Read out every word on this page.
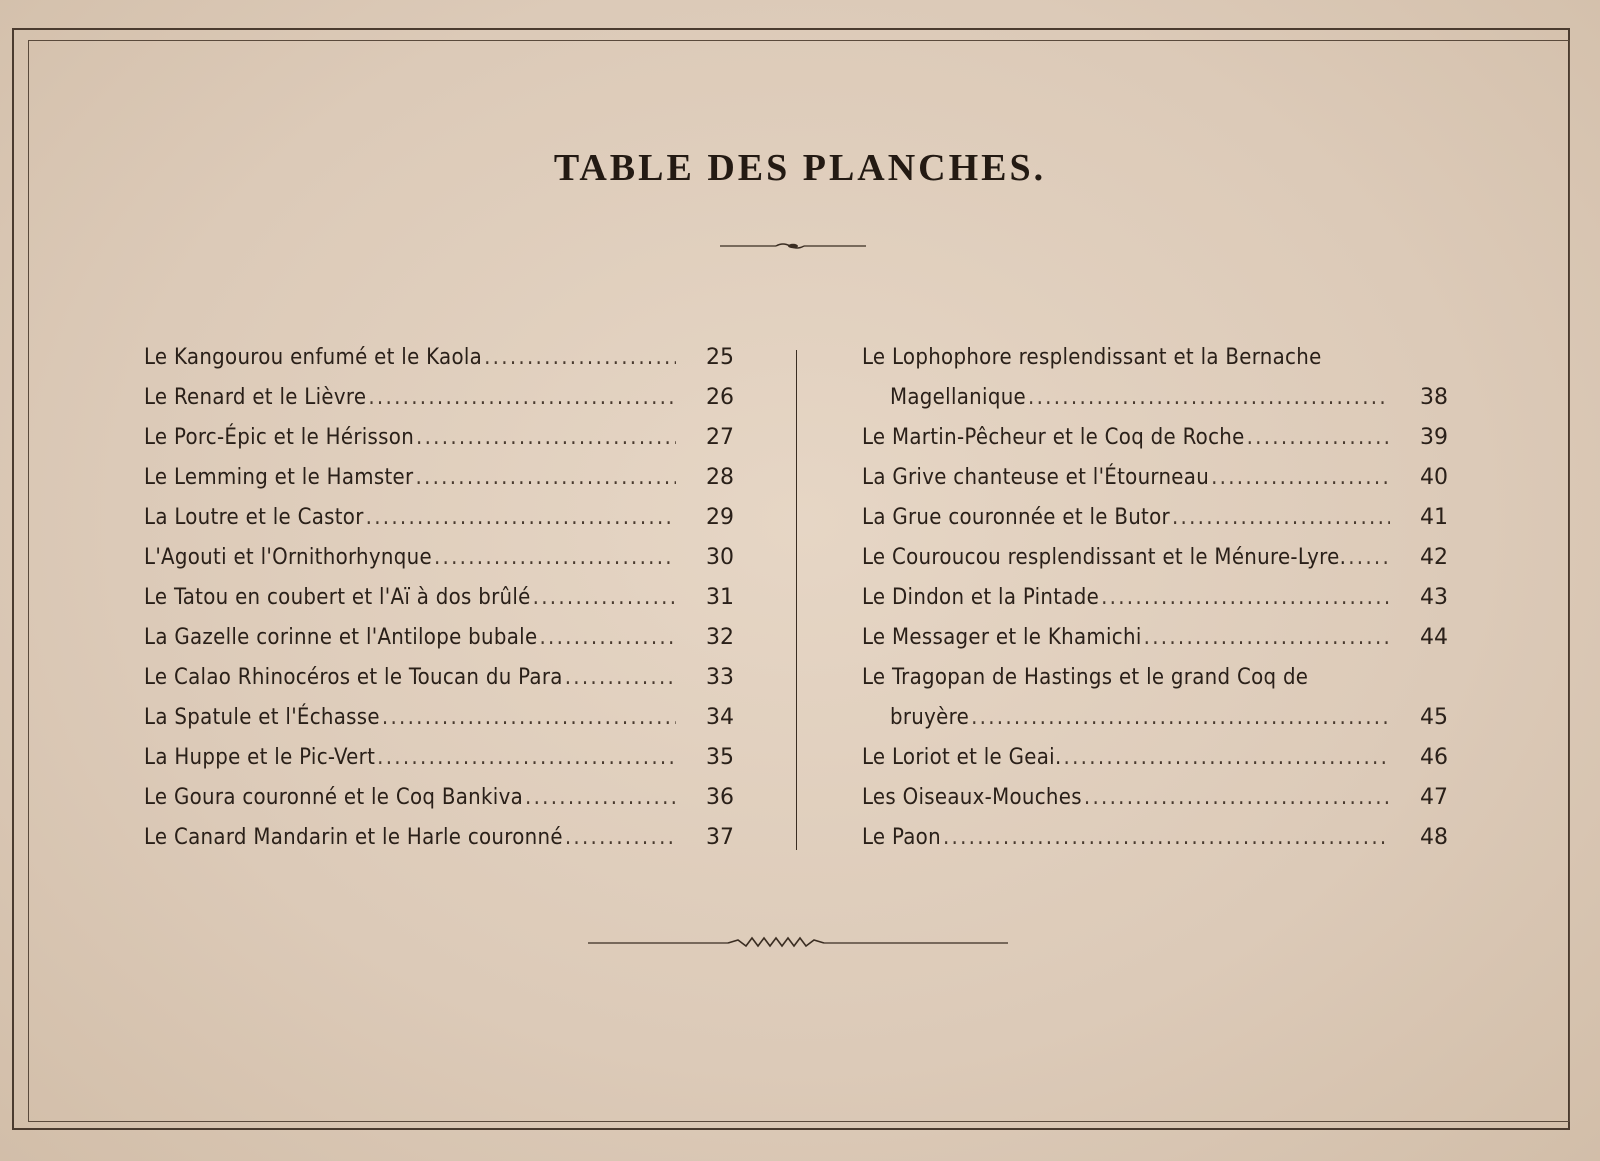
TABLE DES PLANCHES.
Le Kangourou enfumé et le Kaola . . .	25
Le Renard et le Lièvre . . .	26
Le Porc-Épic et le Hérisson . . .	27
Le Lemming et le Hamster . . .	28
La Loutre et le Castor . . .	29
L'Agouti et l'Ornithorhynque . . .	30
Le Tatou en coubert et l'Aï à dos brûlé . . .	31
La Gazelle corinne et l'Antilope bubale . . .	32
Le Calao Rhinocéros et le Toucan du Para . . .	33
La Spatule et l'Échasse . . .	34
La Huppe et le Pic-Vert . . .	35
Le Goura couronné et le Coq Bankiva . . .	36
Le Canard Mandarin et le Harle couronné . . .	37
Le Lophophore resplendissant et la Bernache
Magellanique . . .	38
Le Martin-Pêcheur et le Coq de Roche . . .	39
La Grive chanteuse et l'Étourneau . . .	40
La Grue couronnée et le Butor . . .	41
Le Couroucou resplendissant et le Ménure-Lyre. . . .	42
Le Dindon et la Pintade . . .	43
Le Messager et le Khamichi . . .	44
Le Tragopan de Hastings et le grand Coq de
bruyère . . .	45
Le Loriot et le Geai. . . .	46
Les Oiseaux-Mouches . . .	47
Le Paon . . .	48
